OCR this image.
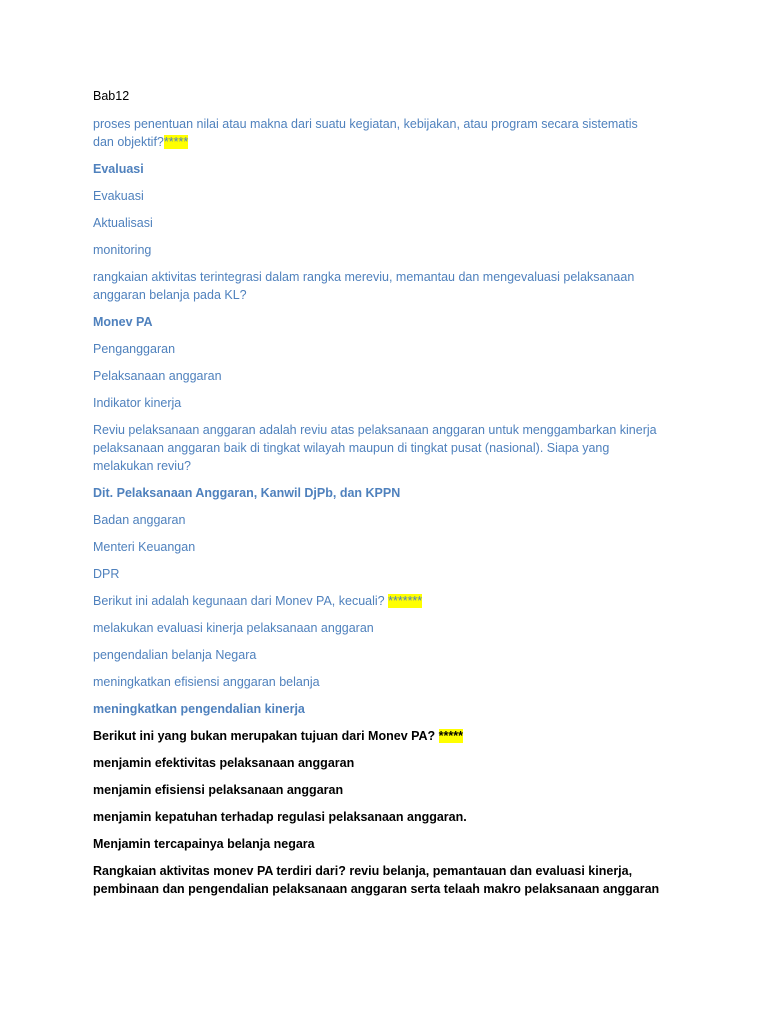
Bab12
proses penentuan nilai atau makna dari suatu kegiatan, kebijakan, atau program secara sistematis
dan objektif?*****
Evaluasi
Evakuasi
Aktualisasi
monitoring
rangkaian aktivitas terintegrasi dalam rangka mereviu, memantau dan mengevaluasi pelaksanaan
anggaran belanja pada KL?
Monev PA
Penganggaran
Pelaksanaan anggaran
Indikator kinerja
Reviu pelaksanaan anggaran adalah reviu atas pelaksanaan anggaran untuk menggambarkan kinerja
pelaksanaan anggaran baik di tingkat wilayah maupun di tingkat pusat (nasional). Siapa yang
melakukan reviu?
Dit. Pelaksanaan Anggaran, Kanwil DjPb, dan KPPN
Badan anggaran
Menteri Keuangan
DPR
Berikut ini adalah kegunaan dari Monev PA, kecuali? *******
melakukan evaluasi kinerja pelaksanaan anggaran
pengendalian belanja Negara
meningkatkan efisiensi anggaran belanja
meningkatkan pengendalian kinerja
Berikut ini yang bukan merupakan tujuan dari Monev PA? *****
menjamin efektivitas pelaksanaan anggaran
menjamin efisiensi pelaksanaan anggaran
menjamin kepatuhan terhadap regulasi pelaksanaan anggaran.
Menjamin tercapainya belanja negara
Rangkaian aktivitas monev PA terdiri dari? reviu belanja, pemantauan dan evaluasi kinerja,
pembinaan dan pengendalian pelaksanaan anggaran serta telaah makro pelaksanaan anggaran
